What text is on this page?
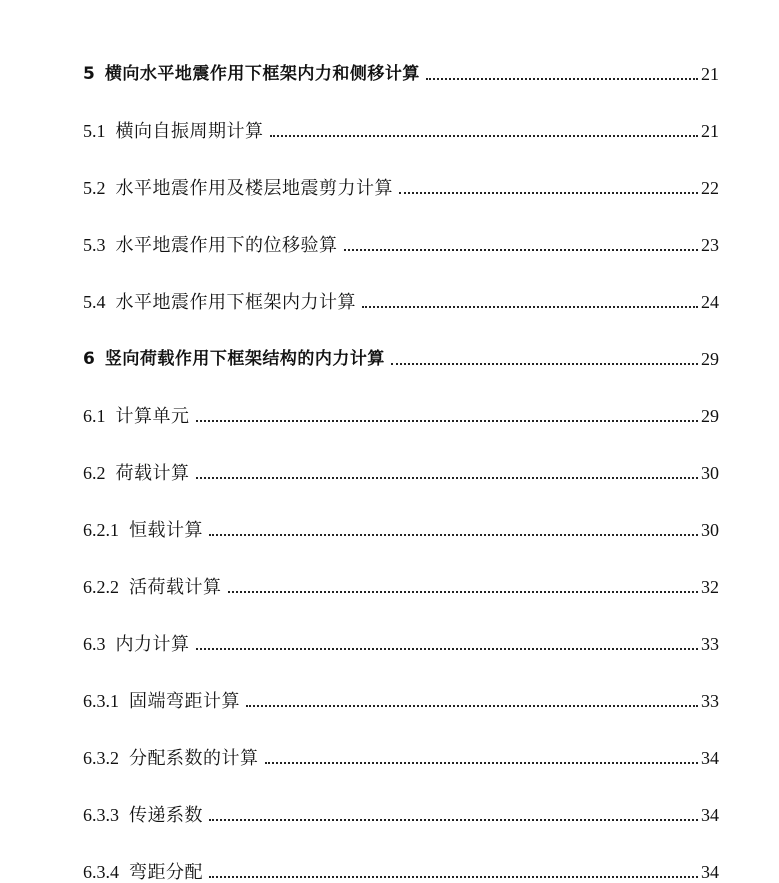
5 横向水平地震作用下框架内力和侧移计算	21
5.1 横向自振周期计算	21
5.2 水平地震作用及楼层地震剪力计算	22
5.3 水平地震作用下的位移验算	23
5.4 水平地震作用下框架内力计算	24
6 竖向荷载作用下框架结构的内力计算	29
6.1 计算单元	29
6.2 荷载计算	30
6.2.1 恒载计算	30
6.2.2 活荷载计算	32
6.3 内力计算	33
6.3.1 固端弯距计算	33
6.3.2 分配系数的计算	34
6.3.3 传递系数	34
6.3.4 弯距分配	34
